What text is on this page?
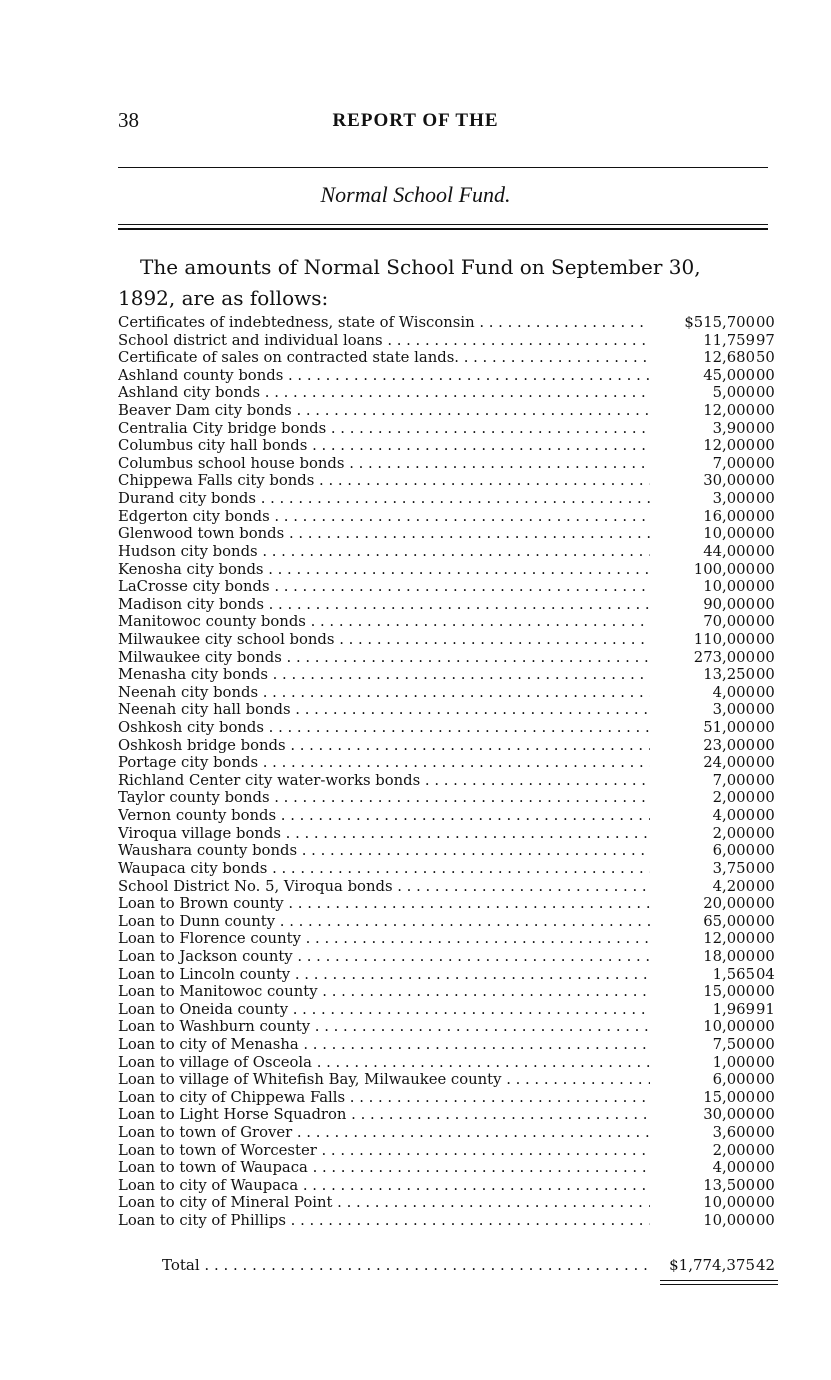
38	REPORT OF THE
Normal School Fund.
The amounts of Normal School Fund on September 30,
1892, are as follows:
Certificates of indebtedness, state of Wisconsin . . .	$515,700 00
School district and individual loans . . .	11,759 97
Certificate of sales on contracted state lands. . . .	12,680 50
Ashland county bonds . . .	45,000 00
Ashland city bonds . . .	5,000 00
Beaver Dam city bonds . . .	12,000 00
Centralia City bridge bonds . . .	3,900 00
Columbus city hall bonds . . .	12,000 00
Columbus school house bonds . . .	7,000 00
Chippewa Falls city bonds . . .	30,000 00
Durand city bonds . . .	3,000 00
Edgerton city bonds . . .	16,000 00
Glenwood town bonds . . .	10,000 00
Hudson city bonds . . .	44,000 00
Kenosha city bonds . . .	100,000 00
LaCrosse city bonds . . .	10,000 00
Madison city bonds . . .	90,000 00
Manitowoc county bonds . . .	70,000 00
Milwaukee city school bonds . . .	110,000 00
Milwaukee city bonds . . .	273,000 00
Menasha city bonds . . .	13,250 00
Neenah city bonds . . .	4,000 00
Neenah city hall bonds . . .	3,000 00
Oshkosh city bonds . . .	51,000 00
Oshkosh bridge bonds . . .	23,000 00
Portage city bonds . . .	24,000 00
Richland Center city water-works bonds . . .	7,000 00
Taylor county bonds . . .	2,000 00
Vernon county bonds . . .	4,000 00
Viroqua village bonds . . .	2,000 00
Waushara county bonds . . .	6,000 00
Waupaca city bonds . . .	3,750 00
School District No. 5, Viroqua bonds . . .	4,200 00
Loan to Brown county . . .	20,000 00
Loan to Dunn county . . .	65,000 00
Loan to Florence county . . .	12,000 00
Loan to Jackson county . . .	18,000 00
Loan to Lincoln county . . .	1,565 04
Loan to Manitowoc county . . .	15,000 00
Loan to Oneida county . . .	1,969 91
Loan to Washburn county . . .	10,000 00
Loan to city of Menasha . . .	7,500 00
Loan to village of Osceola . . .	1,000 00
Loan to village of Whitefish Bay, Milwaukee county . . .	6,000 00
Loan to city of Chippewa Falls . . .	15,000 00
Loan to Light Horse Squadron . . .	30,000 00
Loan to town of Grover . . .	3,600 00
Loan to town of Worcester . . .	2,000 00
Loan to town of Waupaca . . .	4,000 00
Loan to city of Waupaca . . .	13,500 00
Loan to city of Mineral Point . . .	10,000 00
Loan to city of Phillips . . .	10,000 00
Total . . .	$1,774,375 42
